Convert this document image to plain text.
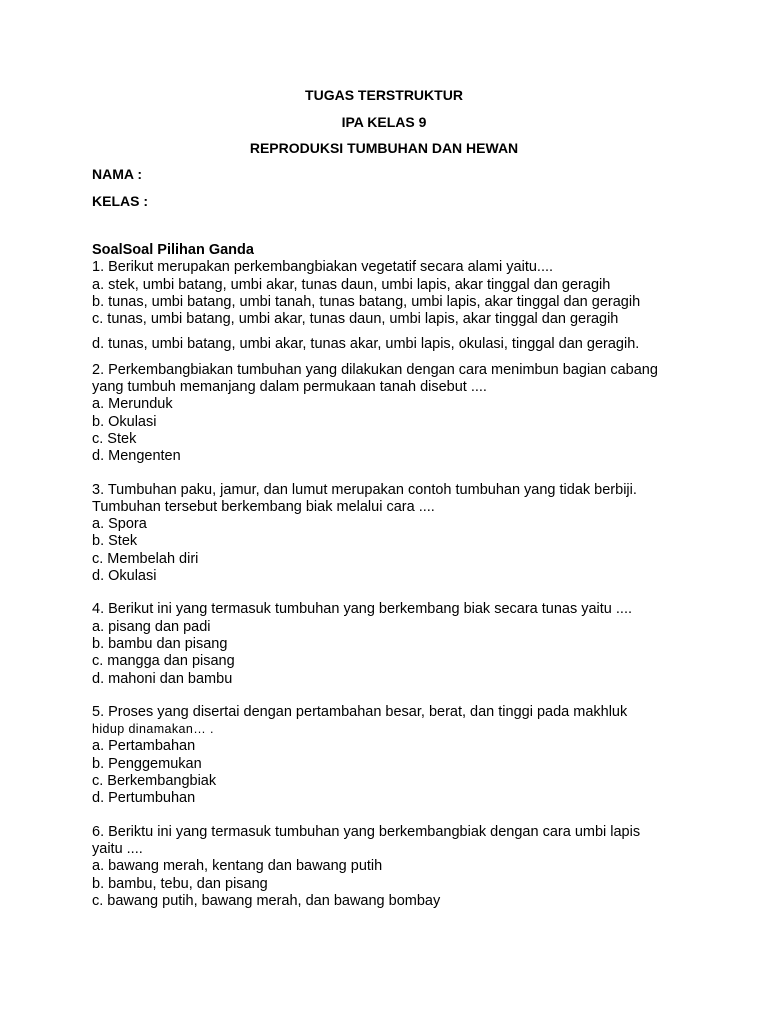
TUGAS TERSTRUKTUR
IPA KELAS 9
REPRODUKSI TUMBUHAN DAN HEWAN
NAMA :
KELAS :

SoalSoal Pilihan Ganda

1. Berikut merupakan perkembangbiakan vegetatif secara alami yaitu....

a. stek, umbi batang, umbi akar, tunas daun, umbi lapis, akar tinggal dan geragih

b. tunas, umbi batang, umbi tanah, tunas batang, umbi lapis, akar tinggal dan geragih

c. tunas, umbi batang, umbi akar, tunas daun, umbi lapis, akar tinggal dan geragih

d. tunas, umbi batang, umbi akar, tunas akar, umbi lapis, okulasi, tinggal dan geragih.

2. Perkembangbiakan tumbuhan yang dilakukan dengan cara menimbun bagian cabang

yang tumbuh memanjang dalam permukaan tanah disebut ....

a. Merunduk

b. Okulasi

c. Stek

d. Mengenten

3. Tumbuhan paku, jamur, dan lumut merupakan contoh tumbuhan yang tidak berbiji.

Tumbuhan tersebut berkembang biak melalui cara ....

a. Spora

b. Stek

c. Membelah diri

d. Okulasi

4. Berikut ini yang termasuk tumbuhan yang berkembang biak secara tunas yaitu ....

a. pisang dan padi

b. bambu dan pisang

c. mangga dan pisang

d. mahoni dan bambu

5. Proses yang disertai dengan pertambahan besar, berat, dan tinggi pada makhluk

hidup dinamakan… .

a. Pertambahan

b. Penggemukan

c. Berkembangbiak

d. Pertumbuhan

6. Beriktu ini yang termasuk tumbuhan yang berkembangbiak dengan cara umbi lapis

yaitu ....

a. bawang merah, kentang dan bawang putih

b. bambu, tebu, dan pisang

c. bawang putih, bawang merah, dan bawang bombay
